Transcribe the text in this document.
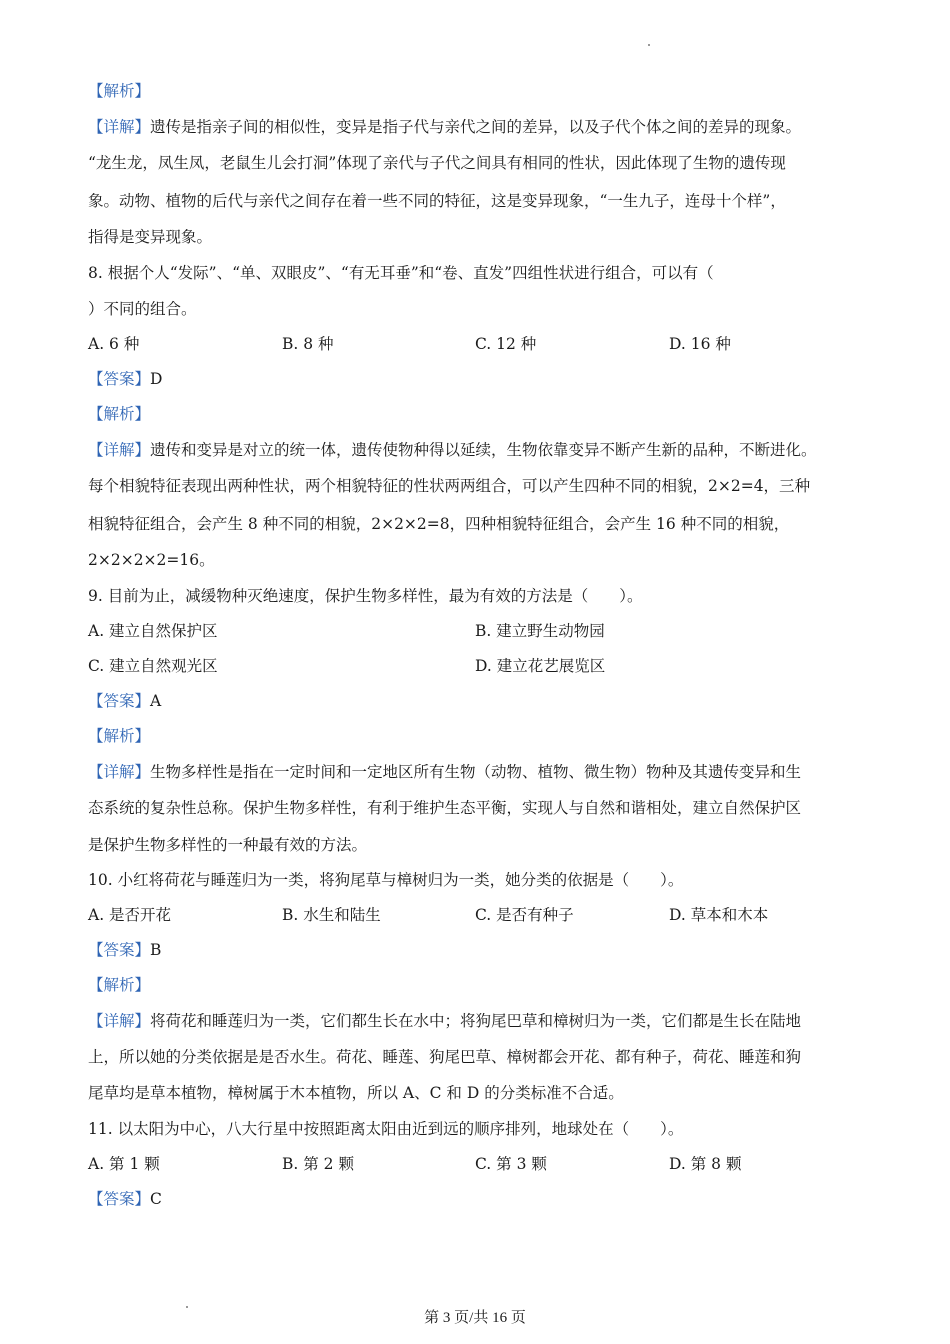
【解析】
【详解】遗传是指亲子间的相似性，变异是指子代与亲代之间的差异，以及子代个体之间的差异的现象。
“龙生龙，凤生凤，老鼠生儿会打洞”体现了亲代与子代之间具有相同的性状，因此体现了生物的遗传现
象。动物、植物的后代与亲代之间存在着一些不同的特征，这是变异现象，“一生九子，连母十个样”，
指得是变异现象。
8. 根据个人“发际”、“单、双眼皮”、“有无耳垂”和“卷、直发”四组性状进行组合，可以有（
）不同的组合。
A. 6 种	B. 8 种	C. 12 种	D. 16 种
【答案】D
【解析】
【详解】遗传和变异是对立的统一体，遗传使物种得以延续，生物依靠变异不断产生新的品种，不断进化。
每个相貌特征表现出两种性状，两个相貌特征的性状两两组合，可以产生四种不同的相貌，2×2=4，三种
相貌特征组合，会产生 8 种不同的相貌，2×2×2=8，四种相貌特征组合，会产生 16 种不同的相貌，
2×2×2×2=16。
9. 目前为止，减缓物种灭绝速度，保护生物多样性，最为有效的方法是（　　）。
A. 建立自然保护区	B. 建立野生动物园
C. 建立自然观光区	D. 建立花艺展览区
【答案】A
【解析】
【详解】生物多样性是指在一定时间和一定地区所有生物（动物、植物、微生物）物种及其遗传变异和生
态系统的复杂性总称。保护生物多样性，有利于维护生态平衡，实现人与自然和谐相处，建立自然保护区
是保护生物多样性的一种最有效的方法。
10. 小红将荷花与睡莲归为一类，将狗尾草与樟树归为一类，她分类的依据是（　　）。
A. 是否开花	B. 水生和陆生	C. 是否有种子	D. 草本和木本
【答案】B
【解析】
【详解】将荷花和睡莲归为一类，它们都生长在水中；将狗尾巴草和樟树归为一类，它们都是生长在陆地
上，所以她的分类依据是是否水生。荷花、睡莲、狗尾巴草、樟树都会开花、都有种子，荷花、睡莲和狗
尾草均是草本植物，樟树属于木本植物，所以 A、C 和 D 的分类标准不合适。
11. 以太阳为中心，八大行星中按照距离太阳由近到远的顺序排列，地球处在（　　）。
A. 第 1 颗	B. 第 2 颗	C. 第 3 颗	D. 第 8 颗
【答案】C
第 3 页/共 16 页
